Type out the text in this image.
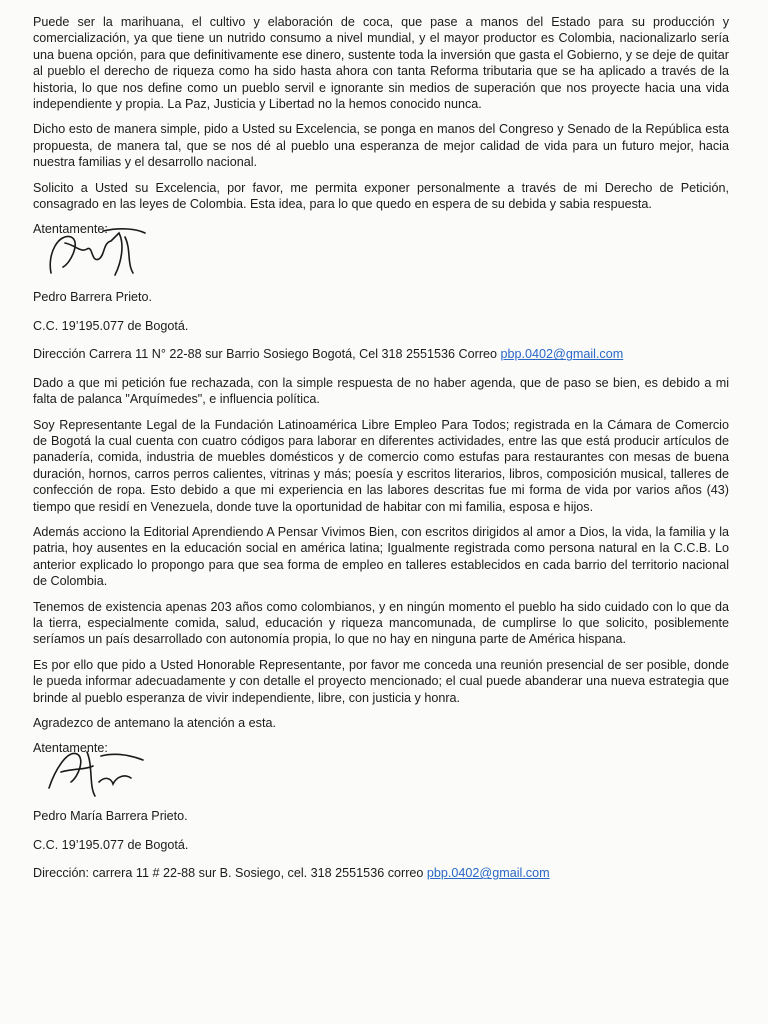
Puede ser la marihuana, el cultivo y elaboración de coca, que pase a manos del Estado para su producción y comercialización, ya que tiene un nutrido consumo a nivel mundial, y el mayor productor es Colombia, nacionalizarlo sería una buena opción, para que definitivamente ese dinero, sustente toda la inversión que gasta el Gobierno, y se deje de quitar al pueblo el derecho de riqueza como ha sido hasta ahora con tanta Reforma tributaria que se ha aplicado a través de la historia, lo que nos define como un pueblo servil e ignorante sin medios de superación que nos proyecte hacia una vida independiente y propia. La Paz, Justicia y Libertad no la hemos conocido nunca.

Dicho esto de manera simple, pido a Usted su Excelencia, se ponga en manos del Congreso y Senado de la República esta propuesta, de manera tal, que se nos dé al pueblo una esperanza de mejor calidad de vida para un futuro mejor, hacia nuestra familias y el desarrollo nacional.

Solicito a Usted su Excelencia, por favor, me permita exponer personalmente a través de mi Derecho de Petición, consagrado en las leyes de Colombia. Esta idea, para lo que quedo en espera de su debida y sabia respuesta.

Atentamente:

Pedro Barrera Prieto.

C.C. 19’195.077 de Bogotá.

Dirección Carrera 11 N° 22-88 sur Barrio Sosiego Bogotá, Cel 318 2551536 Correo pbp.0402@gmail.com

Dado a que mi petición fue rechazada, con la simple respuesta de no haber agenda, que de paso se bien, es debido a mi falta de palanca "Arquímedes", e influencia política.

Soy Representante Legal de la Fundación Latinoamérica Libre Empleo Para Todos; registrada en la Cámara de Comercio de Bogotá la cual cuenta con cuatro códigos para laborar en diferentes actividades, entre las que está producir artículos de panadería, comida, industria de muebles domésticos y de comercio como estufas para restaurantes con mesas de buena duración, hornos, carros perros calientes, vitrinas y más; poesía y escritos literarios, libros, composición musical, talleres de confección de ropa. Esto debido a que mi experiencia en las labores descritas fue mi forma de vida por varios años (43) tiempo que residí en Venezuela, donde tuve la oportunidad de habitar con mi familia, esposa e hijos.

Además acciono la Editorial Aprendiendo A Pensar Vivimos Bien, con escritos dirigidos al amor a Dios, la vida, la familia y la patria, hoy ausentes en la educación social en américa latina; Igualmente registrada como persona natural en la C.C.B. Lo anterior explicado lo propongo para que sea forma de empleo en talleres establecidos en cada barrio del territorio nacional de Colombia.

Tenemos de existencia apenas 203 años como colombianos, y en ningún momento el pueblo ha sido cuidado con lo que da la tierra, especialmente comida, salud, educación y riqueza mancomunada, de cumplirse lo que solicito, posiblemente seríamos un país desarrollado con autonomía propia, lo que no hay en ninguna parte de América hispana.

Es por ello que pido a Usted Honorable Representante, por favor me conceda una reunión presencial de ser posible, donde le pueda informar adecuadamente y con detalle el proyecto mencionado; el cual puede abanderar una nueva estrategia que brinde al pueblo esperanza de vivir independiente, libre, con justicia y honra.

Agradezco de antemano la atención a esta.

Atentamente:

Pedro María Barrera Prieto.

C.C. 19’195.077 de Bogotá.

Dirección: carrera 11 # 22-88 sur B. Sosiego, cel. 318 2551536 correo pbp.0402@gmail.com
